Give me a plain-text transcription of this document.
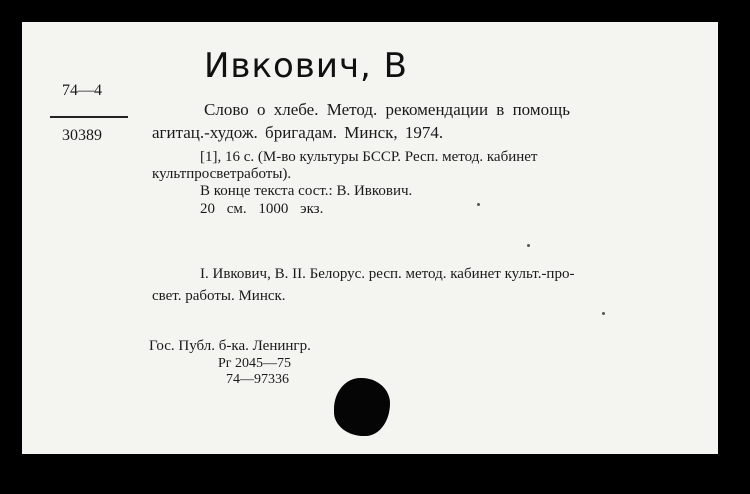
Ивкович, В
74—4
30389
Слово о хлебе. Метод. рекомендации в помощь
агитац.-худож. бригадам. Минск, 1974.
[1], 16 с. (М-во культуры БССР. Респ. метод. кабинет
культпросветработы).
В конце текста сост.: В. Ивкович.
20 см. 1000 экз.
I. Ивкович, В. II. Белорус. респ. метод. кабинет культ.-про-
свет. работы. Минск.
Гос. Публ. б-ка. Ленингр.
Рг 2045—75
74—97336
